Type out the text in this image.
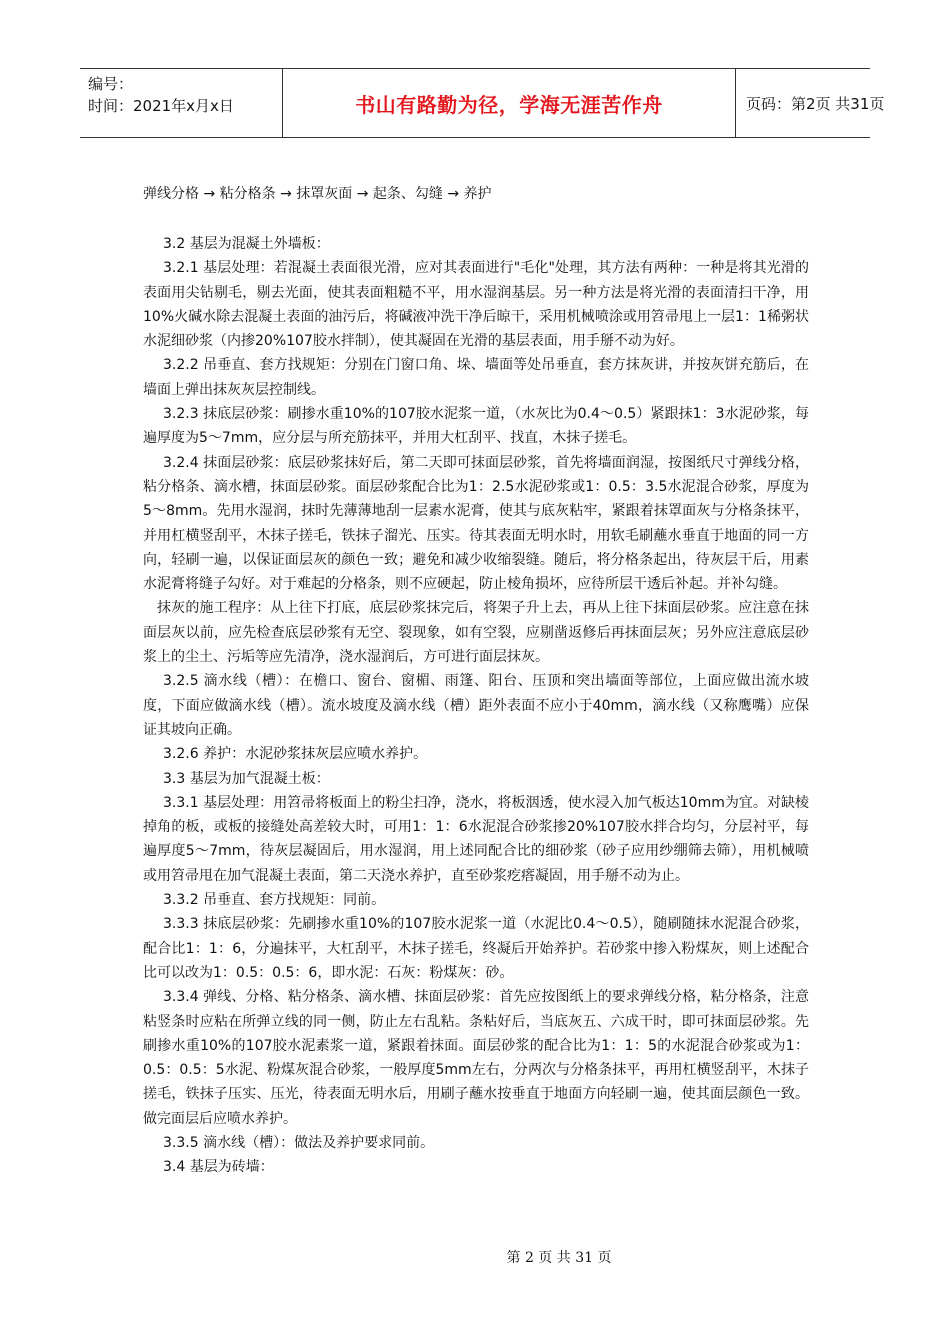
编号：
时间：2021年x月x日	书山有路勤为径，学海无涯苦作舟	页码：第2页 共31页
弹线分格 → 粘分格条 → 抹罩灰面 → 起条、勾缝 → 养护

3.2 基层为混凝土外墙板：

3.2.1 基层处理：若混凝土表面很光滑，应对其表面进行"毛化"处理，其方法有两种：一种是将其光滑的表面用尖钻剔毛，剔去光面，使其表面粗糙不平，用水湿润基层。另一种方法是将光滑的表面清扫干净，用10%火碱水除去混凝土表面的油污后，将碱液冲洗干净后晾干，采用机械喷涂或用笤帚甩上一层1：1稀粥状水泥细砂浆（内掺20%107胶水拌制），使其凝固在光滑的基层表面，用手掰不动为好。

3.2.2 吊垂直、套方找规矩：分别在门窗口角、垛、墙面等处吊垂直，套方抹灰讲，并按灰饼充筋后，在墙面上弹出抹灰灰层控制线。

3.2.3 抹底层砂浆：刷掺水重10%的107胶水泥浆一道，（水灰比为0.4～0.5）紧跟抹1：3水泥砂浆，每遍厚度为5～7mm，应分层与所充筋抹平，并用大杠刮平、找直，木抹子搓毛。

3.2.4 抹面层砂浆：底层砂浆抹好后，第二天即可抹面层砂浆，首先将墙面润湿，按图纸尺寸弹线分格，粘分格条、滴水槽，抹面层砂浆。面层砂浆配合比为1：2.5水泥砂浆或1：0.5：3.5水泥混合砂浆，厚度为5～8mm。先用水湿润，抹时先薄薄地刮一层素水泥膏，使其与底灰粘牢，紧跟着抹罩面灰与分格条抹平，并用杠横竖刮平，木抹子搓毛，铁抹子溜光、压实。待其表面无明水时，用软毛刷蘸水垂直于地面的同一方向，轻刷一遍，以保证面层灰的颜色一致；避免和减少收缩裂缝。随后，将分格条起出，待灰层干后，用素水泥膏将缝子勾好。对于难起的分格条，则不应硬起，防止棱角损坏，应待所层干透后补起。并补勾缝。

抹灰的施工程序：从上往下打底，底层砂浆抹完后，将架子升上去，再从上往下抹面层砂浆。应注意在抹面层灰以前，应先检查底层砂浆有无空、裂现象，如有空裂，应剔凿返修后再抹面层灰；另外应注意底层砂浆上的尘土、污垢等应先清净，浇水湿润后，方可进行面层抹灰。

3.2.5 滴水线（槽）：在檐口、窗台、窗楣、雨篷、阳台、压顶和突出墙面等部位，上面应做出流水坡度，下面应做滴水线（槽）。流水坡度及滴水线（槽）距外表面不应小于40mm，滴水线（又称鹰嘴）应保证其坡向正确。

3.2.6 养护：水泥砂浆抹灰层应喷水养护。

3.3 基层为加气混凝土板：

3.3.1 基层处理：用笤帚将板面上的粉尘扫净，浇水，将板洇透，使水浸入加气板达10mm为宜。对缺棱掉角的板，或板的接缝处高差较大时，可用1：1：6水泥混合砂浆掺20%107胶水拌合均匀，分层衬平，每遍厚度5～7mm，待灰层凝固后，用水湿润，用上述同配合比的细砂浆（砂子应用纱绷筛去筛），用机械喷或用笤帚甩在加气混凝土表面，第二天浇水养护，直至砂浆疙瘩凝固，用手掰不动为止。

3.3.2 吊垂直、套方找规矩：同前。

3.3.3 抹底层砂浆：先刷掺水重10%的107胶水泥浆一道（水泥比0.4～0.5），随刷随抹水泥混合砂浆，配合比1：1：6，分遍抹平，大杠刮平，木抹子搓毛，终凝后开始养护。若砂浆中掺入粉煤灰，则上述配合比可以改为1：0.5：0.5：6，即水泥：石灰：粉煤灰：砂。

3.3.4 弹线、分格、粘分格条、滴水槽、抹面层砂浆：首先应按图纸上的要求弹线分格，粘分格条，注意粘竖条时应粘在所弹立线的同一侧，防止左右乱粘。条粘好后，当底灰五、六成干时，即可抹面层砂浆。先刷掺水重10%的107胶水泥素浆一道，紧跟着抹面。面层砂浆的配合比为1：1：5的水泥混合砂浆或为1：0.5：0.5：5水泥、粉煤灰混合砂浆，一般厚度5mm左右，分两次与分格条抹平，再用杠横竖刮平，木抹子搓毛，铁抹子压实、压光，待表面无明水后，用刷子蘸水按垂直于地面方向轻刷一遍，使其面层颜色一致。做完面层后应喷水养护。

3.3.5 滴水线（槽）：做法及养护要求同前。

3.4 基层为砖墙：

第 2 页 共 31 页
